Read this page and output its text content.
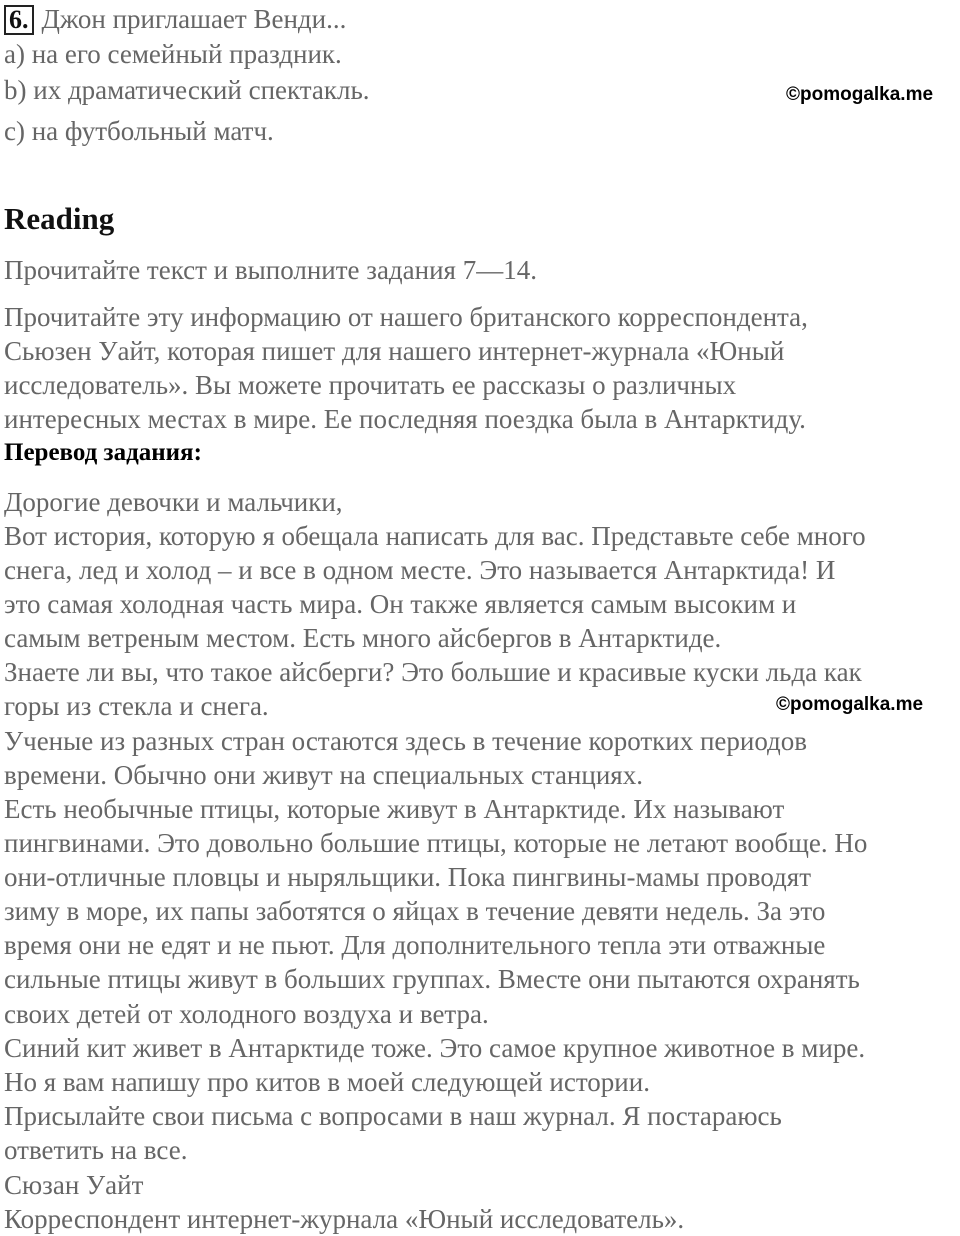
6. Джон приглашает Венди...
a) на его семейный праздник.
b) их драматический спектакль.
c) на футбольный матч.
©pomogalka.me
Reading
Прочитайте текст и выполните задания 7—14.
Прочитайте эту информацию от нашего британского корреспондента,
Сьюзен Уайт, которая пишет для нашего интернет-журнала «Юный
исследователь». Вы можете прочитать ее рассказы о различных
интересных местах в мире. Ее последняя поездка была в Антарктиду.
Перевод задания:
Дорогие девочки и мальчики,
Вот история, которую я обещала написать для вас. Представьте себе много
снега, лед и холод – и все в одном месте. Это называется Антарктида! И
это самая холодная часть мира. Он также является самым высоким и
самым ветреным местом. Есть много айсбергов в Антарктиде.
Знаете ли вы, что такое айсберги? Это большие и красивые куски льда как
горы из стекла и снега.	©pomogalka.me
Ученые из разных стран остаются здесь в течение коротких периодов
времени. Обычно они живут на специальных станциях.
Есть необычные птицы, которые живут в Антарктиде. Их называют
пингвинами. Это довольно большие птицы, которые не летают вообще. Но
они-отличные пловцы и ныряльщики. Пока пингвины-мамы проводят
зиму в море, их папы заботятся о яйцах в течение девяти недель. За это
время они не едят и не пьют. Для дополнительного тепла эти отважные
сильные птицы живут в больших группах. Вместе они пытаются охранять
своих детей от холодного воздуха и ветра.
Синий кит живет в Антарктиде тоже. Это самое крупное животное в мире.
Но я вам напишу про китов в моей следующей истории.
Присылайте свои письма с вопросами в наш журнал. Я постараюсь
ответить на все.
Сюзан Уайт
Корреспондент интернет-журнала «Юный исследователь».
